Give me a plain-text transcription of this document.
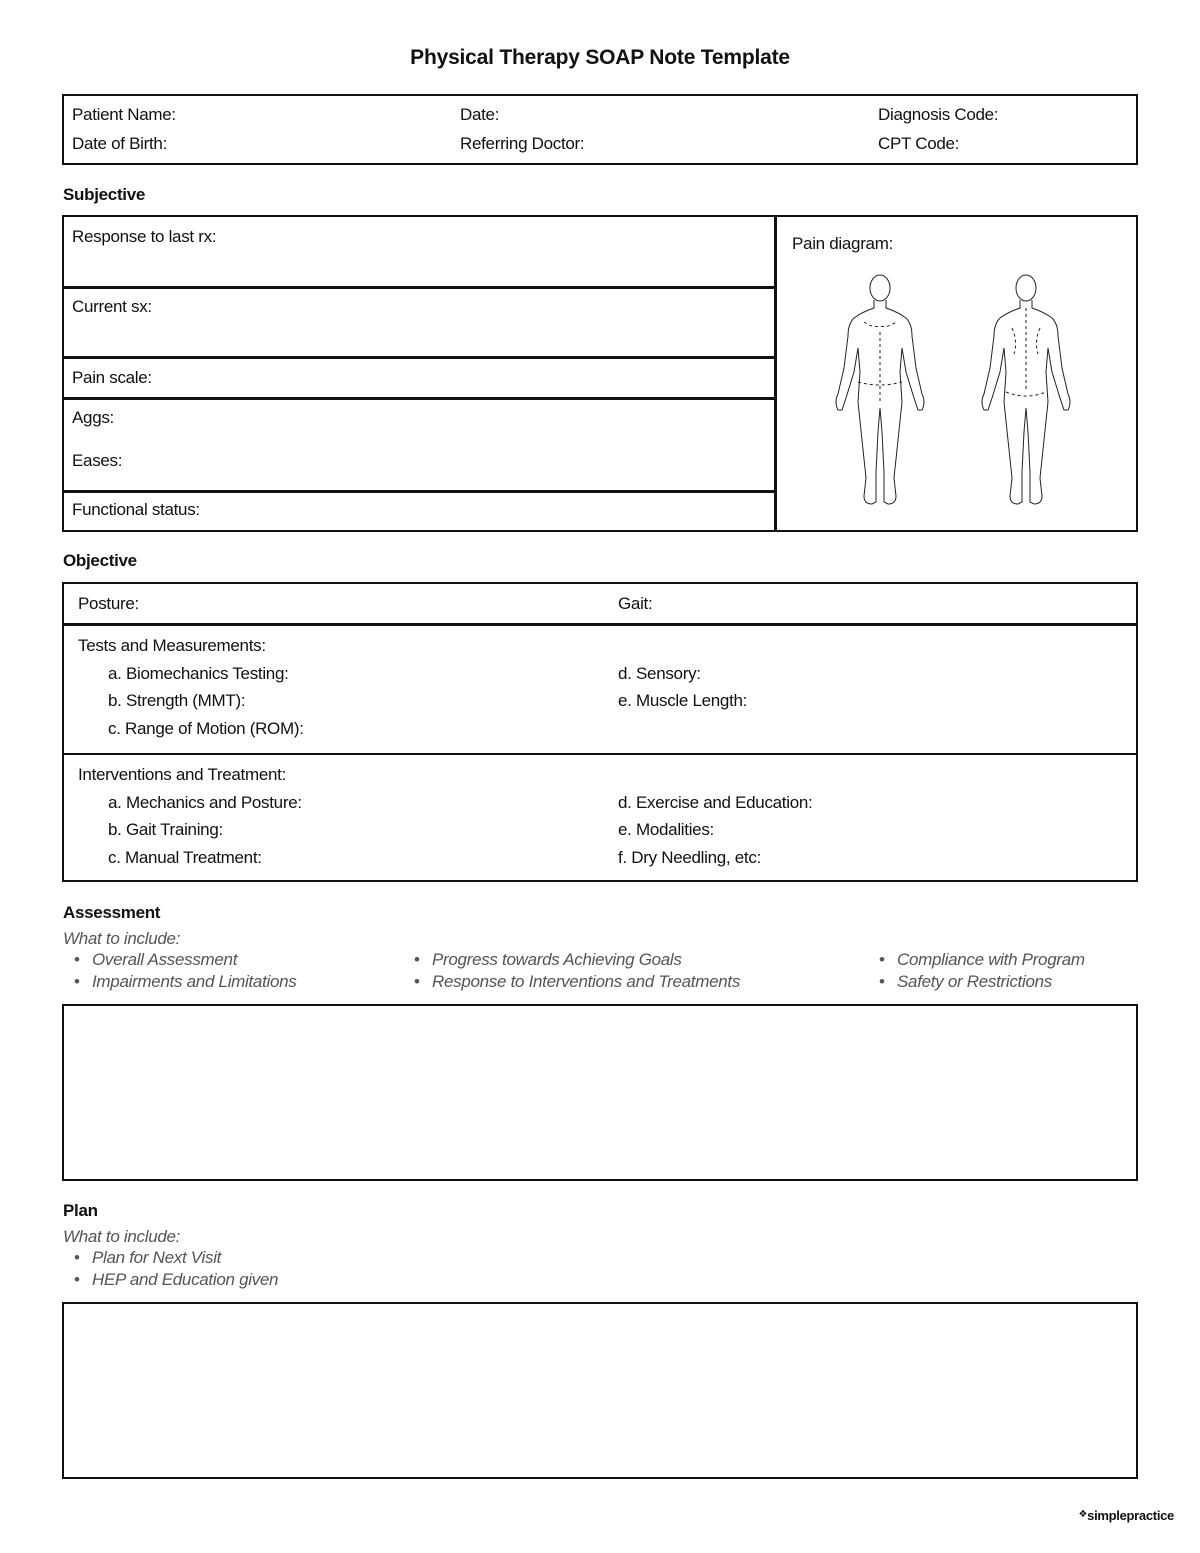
Physical Therapy SOAP Note Template
Patient Name:	Date:	Diagnosis Code:
Date of Birth:	Referring Doctor:	CPT Code:
Subjective
Response to last rx:
Current sx:
Pain scale:
Aggs:
Eases:
Functional status:
Pain diagram:
Objective
Posture:	Gait:
Tests and Measurements:
a. Biomechanics Testing:
b. Strength (MMT):
c. Range of Motion (ROM):
d. Sensory:
e. Muscle Length:
Interventions and Treatment:
a. Mechanics and Posture:
b. Gait Training:
c. Manual Treatment:
d. Exercise and Education:
e. Modalities:
f. Dry Needling, etc:
Assessment
What to include:
• Overall Assessment
• Impairments and Limitations
• Progress towards Achieving Goals
• Response to Interventions and Treatments
• Compliance with Program
• Safety or Restrictions
Plan
What to include:
• Plan for Next Visit
• HEP and Education given
❖simplepractice
